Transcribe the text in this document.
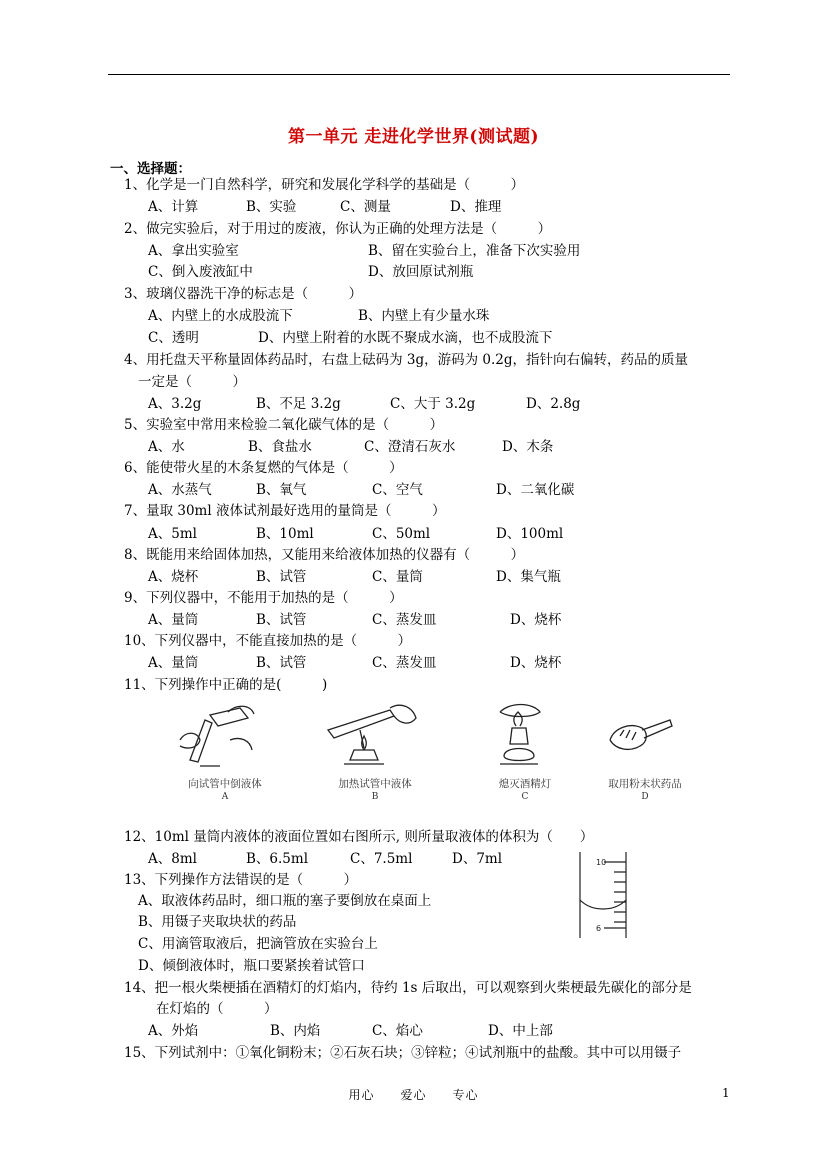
第一单元 走进化学世界(测试题)
一、选择题：
1、化学是一门自然科学，研究和发展化学科学的基础是（　　　）
A、计算	B、实验	C、测量	D、推理
2、做完实验后，对于用过的废液，你认为正确的处理方法是（　　　）
A、拿出实验室	B、留在实验台上，准备下次实验用
C、倒入废液缸中	D、放回原试剂瓶
3、玻璃仪器洗干净的标志是（　　　）
A、内壁上的水成股流下	B、内壁上有少量水珠
C、透明	D、内壁上附着的水既不聚成水滴，也不成股流下
4、用托盘天平称量固体药品时，右盘上砝码为 3g，游码为 0.2g，指针向右偏转，药品的质量
一定是（　　　）
A、3.2g	B、不足 3.2g	C、大于 3.2g	D、2.8g
5、实验室中常用来检验二氧化碳气体的是（　　　）
A、水	B、食盐水	C、澄清石灰水	D、木条
6、能使带火星的木条复燃的气体是（　　　）
A、水蒸气	B、氧气	C、空气	D、二氧化碳
7、量取 30ml 液体试剂最好选用的量筒是（　　　）
A、5ml	B、10ml	C、50ml	D、100ml
8、既能用来给固体加热，又能用来给液体加热的仪器有（　　　）
A、烧杯	B、试管	C、量筒	D、集气瓶
9、下列仪器中，不能用于加热的是（　　　）
A、量筒	B、试管	C、蒸发皿	D、烧杯
10、下列仪器中，不能直接加热的是（　　　）
A、量筒	B、试管	C、蒸发皿	D、烧杯
11、下列操作中正确的是(　　　)
向试管中倒液体
A
加热试管中液体
B
熄灭酒精灯
C
取用粉末状药品
D
12、10ml 量筒内液体的液面位置如右图所示, 则所量取液体的体积为（　　）
A、8ml	B、6.5ml	C、7.5ml	D、7ml	10
6
13、下列操作方法错误的是（　　　）
A、取液体药品时，细口瓶的塞子要倒放在桌面上
B、用镊子夹取块状的药品
C、用滴管取液后，把滴管放在实验台上
D、倾倒液体时，瓶口要紧挨着试管口
14、把一根火柴梗插在酒精灯的灯焰内，待约 1s 后取出，可以观察到火柴梗最先碳化的部分是
在灯焰的（　　　）
A、外焰	B、内焰	C、焰心	D、中上部
15、下列试剂中：①氧化铜粉末；②石灰石块；③锌粒；④试剂瓶中的盐酸。其中可以用镊子
用心　　爱心　　专心	1
